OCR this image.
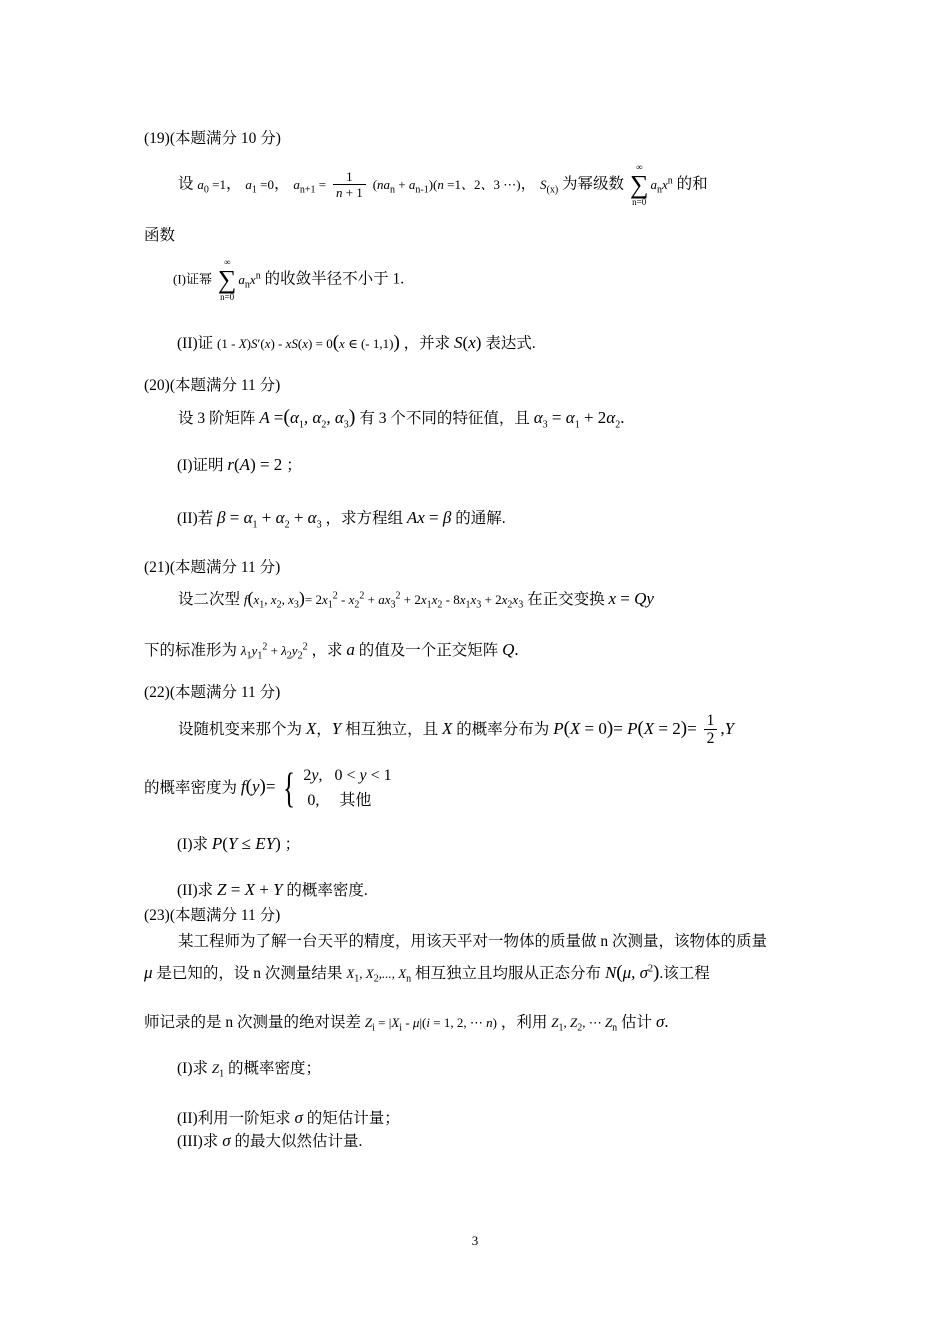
(19)(本题满分 10 分)
设 $a_0 =1$， $a_1 =0$， $a_{n+1} = \frac{1}{n + 1} (na_n + a_{n-1})(n =1$、2、3 ⋯)， $S_{(x)}$ 为幂级数
∞
∑
n=0
$a_nx^n$ 的和
函数
(I)证幂
∞
∑
n=0
$a_nx^n$ 的收敛半径不小于 1.
(II)证 (1 - X)S′(x) - xS(x) = 0(x ∈ (- 1,1)) ，并求 S(x) 表达式.
(20)(本题满分 11 分)
设 3 阶矩阵 $A =(\alpha_1$, $\alpha_2$, $\alpha_3$) 有 3 个不同的特征值，且 $\alpha_3 = \alpha_1 + 2\alpha_2$.
(I)证明 r(A) = 2 ；
(II)若 $\beta = \alpha_1 + \alpha_2 + \alpha_3$ ，求方程组 Ax = β 的通解.
(21)(本题满分 11 分)
设二次型 $f(x_1$, $x_2$, $x_3)= 2x_1^2 - x_2^2 + ax_3^2 + 2x_1x_2 - 8x_1x_3 + 2x_2x_3$ 在正交变换 x = Qy
下的标准形为 $\lambda_1y_1^2 + \lambda_2y_2^2$ ，求 a 的值及一个正交矩阵 Q.
(22)(本题满分 11 分)
设随机变来那个为 X，Y 相互独立，且 X 的概率分布为 $P(X = 0)= P(X = 2)= \frac{1}{2} ,Y$
的概率密度为 f(y)= { 2y,   0 < y < 1
0,     其他
(I)求 P(Y ≤ EY) ；
(II)求 Z = X + Y 的概率密度.
(23)(本题满分 11 分)
某工程师为了解一台天平的精度，用该天平对一物体的质量做 n 次测量，该物体的质量
μ 是已知的，设 n 次测量结果 $X_1$, $X_2$,..., $X_n$ 相互独立且均服从正态分布 N(μ, $\sigma^2$).该工程
师记录的是 n 次测量的绝对误差 $Z_i = |X_i - \mu|(i = 1$, 2, ⋯ n) ，利用 $Z_1$, $Z_2$, ⋯ $Z_n$ 估计 σ.
(I)求 $Z_1$ 的概率密度；
(II)利用一阶矩求 σ 的矩估计量；
(III)求 σ 的最大似然估计量.
3
